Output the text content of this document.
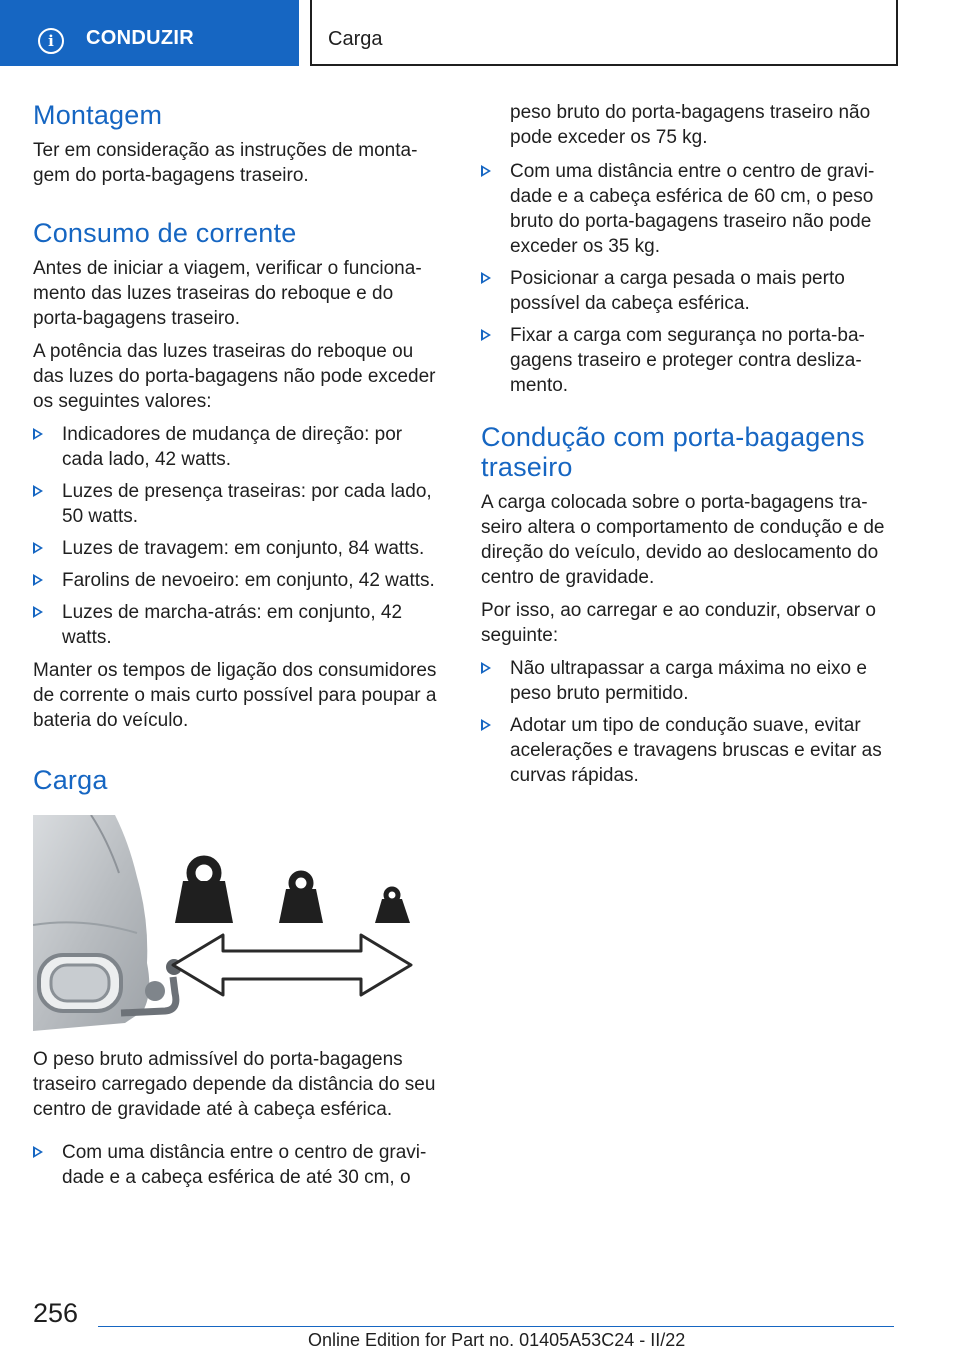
i	CONDUZIR	Carga
Montagem

Ter em consideração as instruções de montagem do porta-bagagens traseiro.

Consumo de corrente

Antes de iniciar a viagem, verificar o funcionamento das luzes traseiras do reboque e do porta-bagagens traseiro.

A potência das luzes traseiras do reboque ou das luzes do porta-bagagens não pode exceder os seguintes valores:

Indicadores de mudança de direção: por cada lado, 42 watts.
Luzes de presença traseiras: por cada lado, 50 watts.
Luzes de travagem: em conjunto, 84 watts.
Farolins de nevoeiro: em conjunto, 42 watts.
Luzes de marcha-atrás: em conjunto, 42 watts.

Manter os tempos de ligação dos consumidores de corrente o mais curto possível para poupar a bateria do veículo.

Carga

O peso bruto admissível do porta-bagagens traseiro carregado depende da distância do seu centro de gravidade até à cabeça esférica.

Com uma distância entre o centro de gravidade e a cabeça esférica de até 30 cm, o

peso bruto do porta-bagagens traseiro não pode exceder os 75 kg.

Com uma distância entre o centro de gravidade e a cabeça esférica de 60 cm, o peso bruto do porta-bagagens traseiro não pode exceder os 35 kg.
Posicionar a carga pesada o mais perto possível da cabeça esférica.
Fixar a carga com segurança no porta-bagagens traseiro e proteger contra deslizamento.
Condução com porta-bagagens traseiro

A carga colocada sobre o porta-bagagens traseiro altera o comportamento de condução e de direção do veículo, devido ao deslocamento do centro de gravidade.

Por isso, ao carregar e ao conduzir, observar o seguinte:

Não ultrapassar a carga máxima no eixo e peso bruto permitido.
Adotar um tipo de condução suave, evitar acelerações e travagens bruscas e evitar as curvas rápidas.
256
Online Edition for Part no. 01405A53C24 - II/22
